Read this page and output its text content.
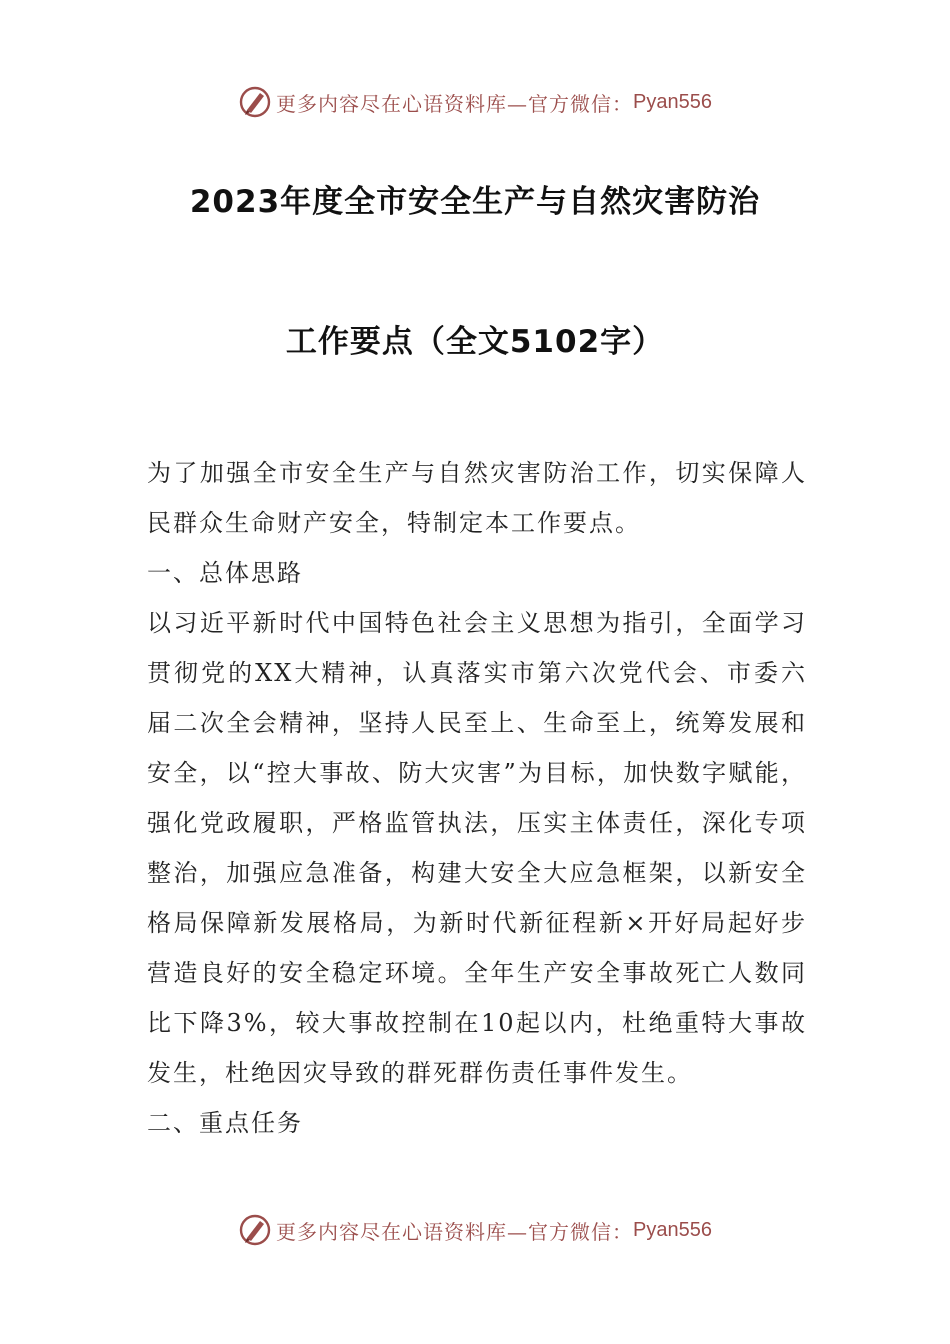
更多内容尽在心语资料库—官方微信： Pyan556
2023年度全市安全生产与自然灾害防治
工作要点（全文5102字）

为了加强全市安全生产与自然灾害防治工作，切实保障人民群众生命财产安全，特制定本工作要点。

一、总体思路

以习近平新时代中国特色社会主义思想为指引，全面学习贯彻党的XX大精神，认真落实市第六次党代会、市委六届二次全会精神，坚持人民至上、生命至上，统筹发展和安全，以“控大事故、防大灾害”为目标，加快数字赋能，强化党政履职，严格监管执法，压实主体责任，深化专项整治，加强应急准备，构建大安全大应急框架，以新安全格局保障新发展格局，为新时代新征程新×开好局起好步营造良好的安全稳定环境。全年生产安全事故死亡人数同比下降3%，较大事故控制在10起以内，杜绝重特大事故发生，杜绝因灾导致的群死群伤责任事件发生。

二、重点任务

更多内容尽在心语资料库—官方微信： Pyan556
